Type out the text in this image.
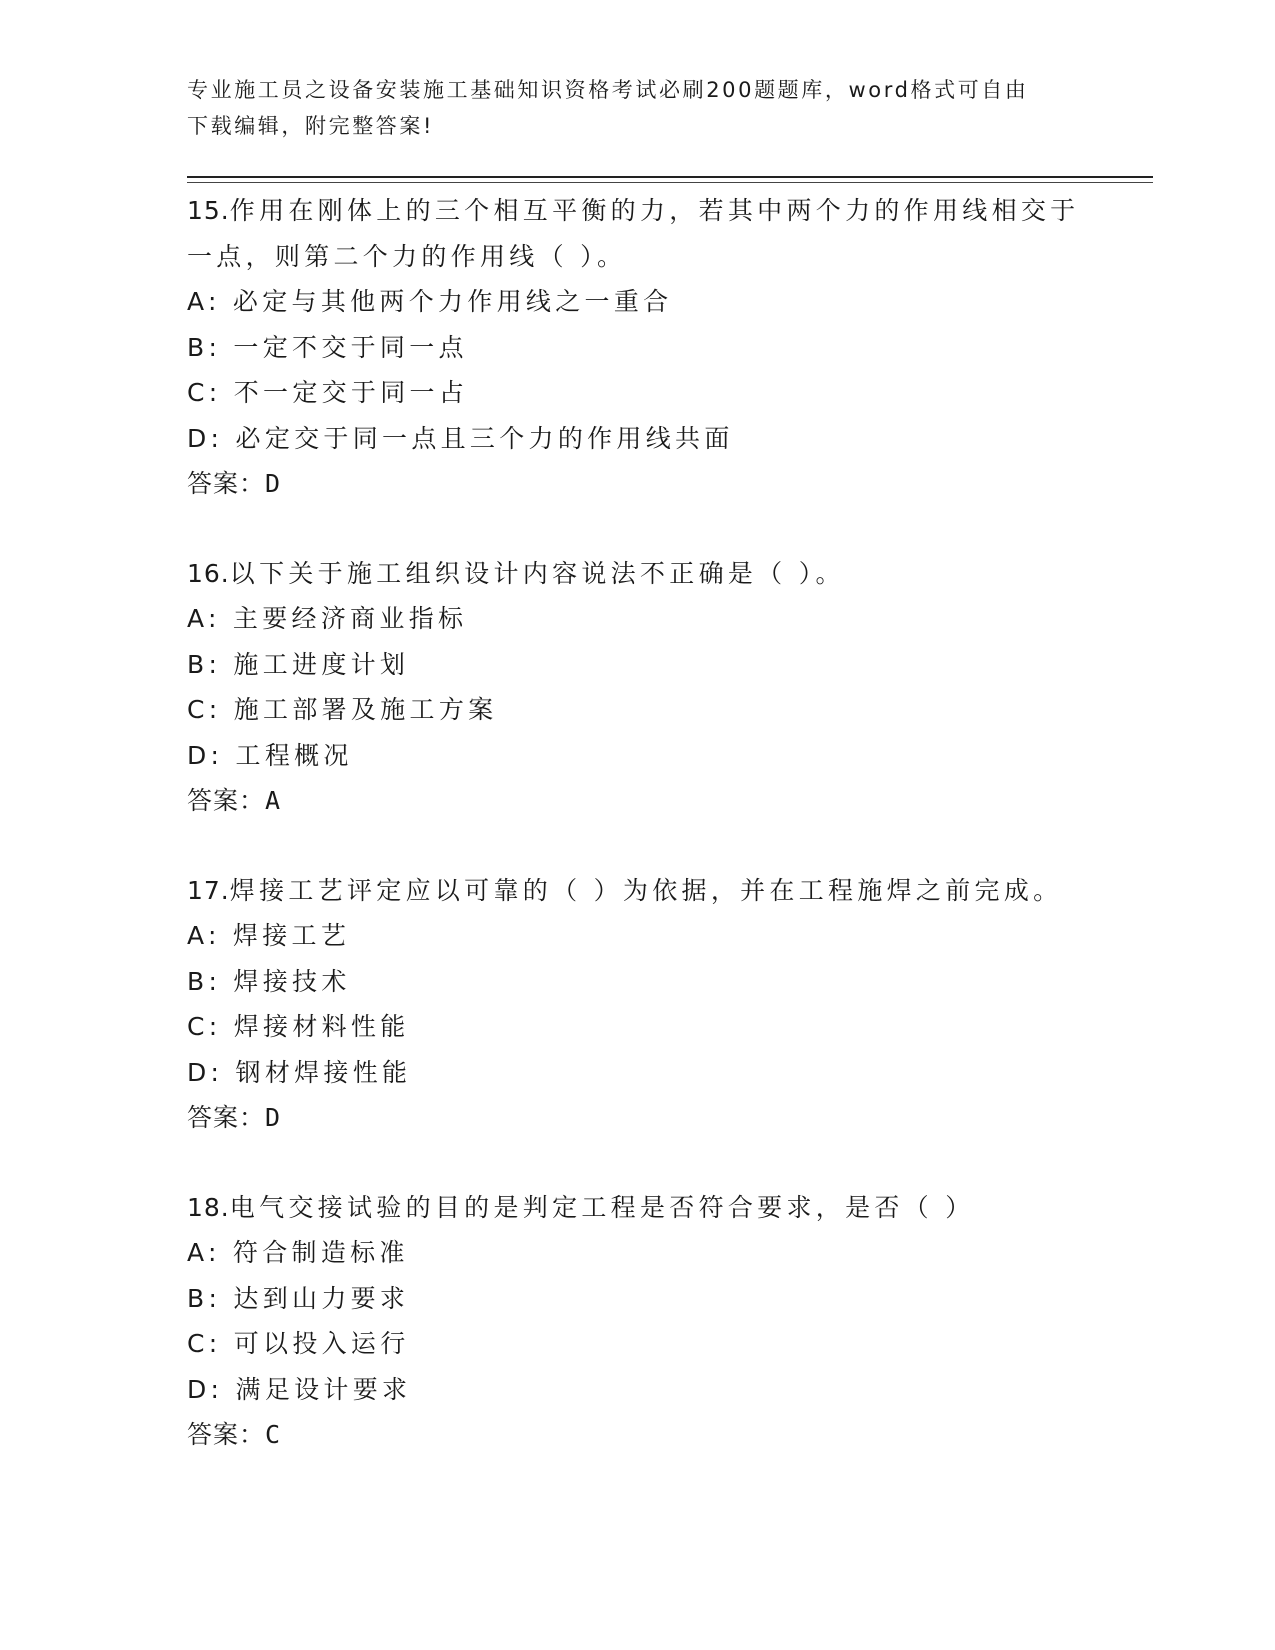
专业施工员之设备安装施工基础知识资格考试必刷200题题库，word格式可自由
下载编辑，附完整答案!
15.作用在刚体上的三个相互平衡的力，若其中两个力的作用线相交于
一点，则第二个力的作用线（ ）。
A: 必定与其他两个力作用线之一重合
B: 一定不交于同一点
C: 不一定交于同一占
D: 必定交于同一点且三个力的作用线共面
答案：D
16.以下关于施工组织设计内容说法不正确是（ ）。
A: 主要经济商业指标
B: 施工进度计划
C: 施工部署及施工方案
D: 工程概况
答案：A
17.焊接工艺评定应以可靠的（ ）为依据，并在工程施焊之前完成。
A: 焊接工艺
B: 焊接技术
C: 焊接材料性能
D: 钢材焊接性能
答案：D
18.电气交接试验的目的是判定工程是否符合要求，是否（ ）
A: 符合制造标准
B: 达到山力要求
C: 可以投入运行
D: 满足设计要求
答案：C
